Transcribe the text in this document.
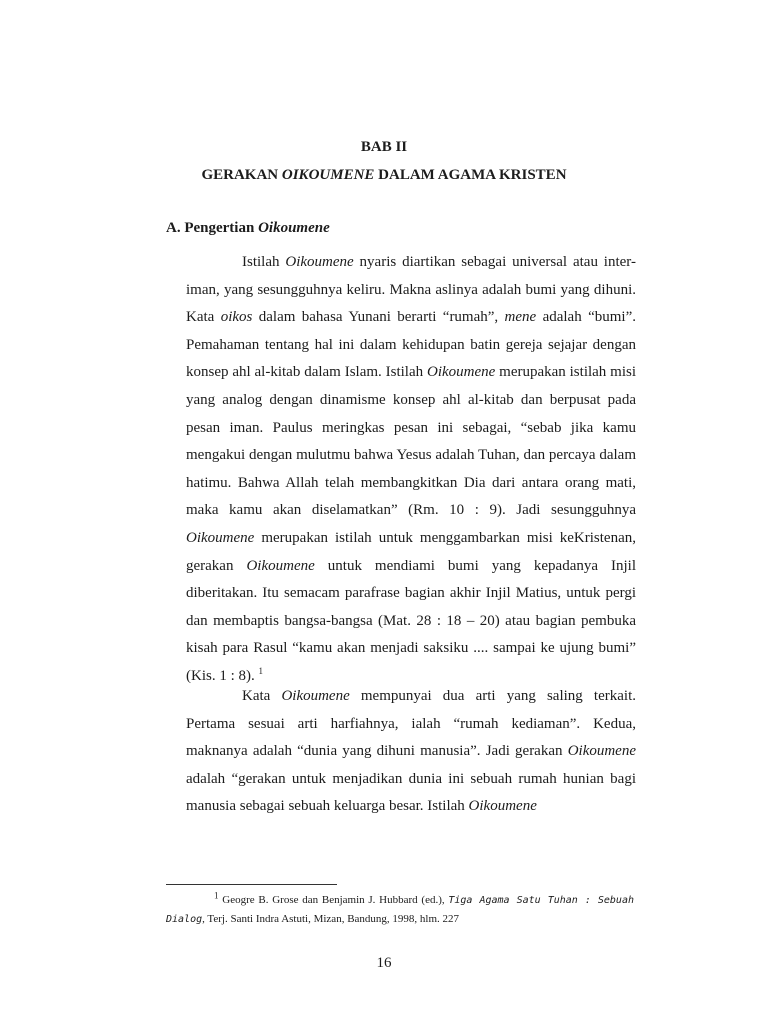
BAB II
GERAKAN OIKOUMENE DALAM AGAMA KRISTEN
A. Pengertian Oikoumene

Istilah Oikoumene nyaris diartikan sebagai universal atau inter-iman, yang sesungguhnya keliru. Makna aslinya adalah bumi yang dihuni. Kata oikos dalam bahasa Yunani berarti “rumah”, mene adalah “bumi”. Pemahaman tentang hal ini dalam kehidupan batin gereja sejajar dengan konsep ahl al-kitab dalam Islam. Istilah Oikoumene merupakan istilah misi yang analog dengan dinamisme konsep ahl al-kitab dan berpusat pada pesan iman. Paulus meringkas pesan ini sebagai, “sebab jika kamu mengakui dengan mulutmu bahwa Yesus adalah Tuhan, dan percaya dalam hatimu. Bahwa Allah telah membangkitkan Dia dari antara orang mati, maka kamu akan diselamatkan” (Rm. 10 : 9). Jadi sesungguhnya Oikoumene merupakan istilah untuk menggambarkan misi keKristenan, gerakan Oikoumene untuk mendiami bumi yang kepadanya Injil diberitakan. Itu semacam parafrase bagian akhir Injil Matius, untuk pergi dan membaptis bangsa-bangsa (Mat. 28 : 18 – 20) atau bagian pembuka kisah para Rasul “kamu akan menjadi saksiku .... sampai ke ujung bumi” (Kis. 1 : 8). $^1$

Kata Oikoumene mempunyai dua arti yang saling terkait. Pertama sesuai arti harfiahnya, ialah “rumah kediaman”. Kedua, maknanya adalah “dunia yang dihuni manusia”. Jadi gerakan Oikoumene adalah “gerakan untuk menjadikan dunia ini sebuah rumah hunian bagi manusia sebagai sebuah keluarga besar. Istilah Oikoumene

$^1$ Geogre B. Grose dan Benjamin J. Hubbard (ed.), Tiga Agama Satu Tuhan : Sebuah Dialog, Terj. Santi Indra Astuti, Mizan, Bandung, 1998, hlm. 227

16
